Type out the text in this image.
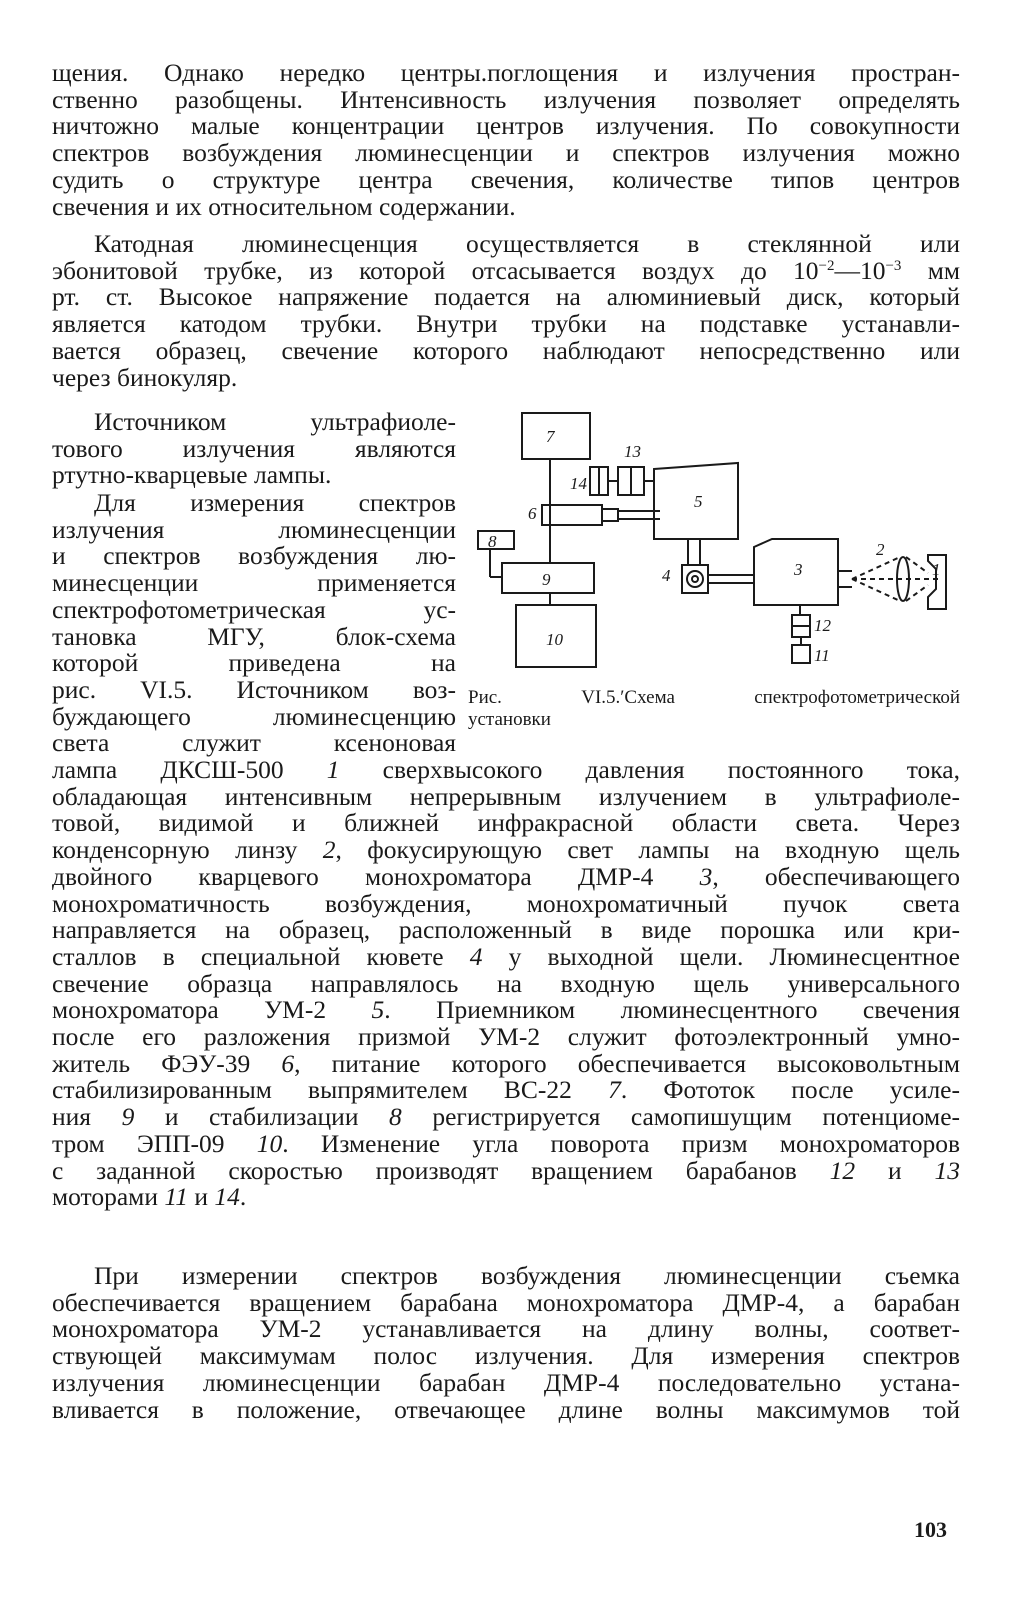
щения. Однако нередко центры.поглощения и излучения простран-
ственно разобщены. Интенсивность излучения позволяет определять
ничтожно малые концентрации центров излучения. По совокупности
спектров возбуждения люминесценции и спектров излучения можно
судить о структуре центра свечения, количестве типов центров
свечения и их относительном содержании.
Катодная люминесценция осуществляется в стеклянной или
эбонитовой трубке, из которой отсасывается воздух до $10^{-2}—10^{-3}$ мм
рт. ст. Высокое напряжение подается на алюминиевый диск, который
является катодом трубки. Внутри трубки на подставке устанавли-
вается образец, свечение которого наблюдают непосредственно или
через бинокуляр.
Источником ультрафиоле-
тового излучения являются
ртутно-кварцевые лампы.
Для измерения спектров
излучения люминесценции
и спектров возбуждения лю-
минесценции применяется
спектрофотометрическая ус-
тановка МГУ, блок-схема
которой приведена на
рис. VI.5. Источником воз-
буждающего люминесценцию
света служит ксеноновая
лампа ДКСШ-500 1 сверхвысокого давления постоянного тока,
обладающая интенсивным непрерывным излучением в ультрафиоле-
товой, видимой и ближней инфракрасной области света. Через
конденсорную линзу 2, фокусирующую свет лампы на входную щель
двойного кварцевого монохроматора ДМР-4 3, обеспечивающего
монохроматичность возбуждения, монохроматичный пучок света
направляется на образец, расположенный в виде порошка или кри-
сталлов в специальной кювете 4 у выходной щели. Люминесцентное
свечение образца направлялось на входную щель универсального
монохроматора УМ-2 5. Приемником люминесцентного свечения
после его разложения призмой УМ-2 служит фотоэлектронный умно-
житель ФЭУ-39 6, питание которого обеспечивается высоковольтным
стабилизированным выпрямителем ВС-22 7. Фототок после усиле-
ния 9 и стабилизации 8 регистрируется самопишущим потенциоме-
тром ЭПП-09 10. Изменение угла поворота призм монохроматоров
с заданной скоростью производят вращением барабанов 12 и 13
моторами 11 и 14.
При измерении спектров возбуждения люминесценции съемка
обеспечивается вращением барабана монохроматора ДМР-4, а барабан
монохроматора УМ-2 устанавливается на длину волны, соответ-
ствующей максимумам полос излучения. Для измерения спектров
излучения люминесценции барабан ДМР-4 последовательно устана-
вливается в положение, отвечающее длине волны максимумов той
7
13
14
5
6
8	2
4	3	1
9
12
10
11
Рис. VI.5.′Схема спектрофотометрической
установки
103
